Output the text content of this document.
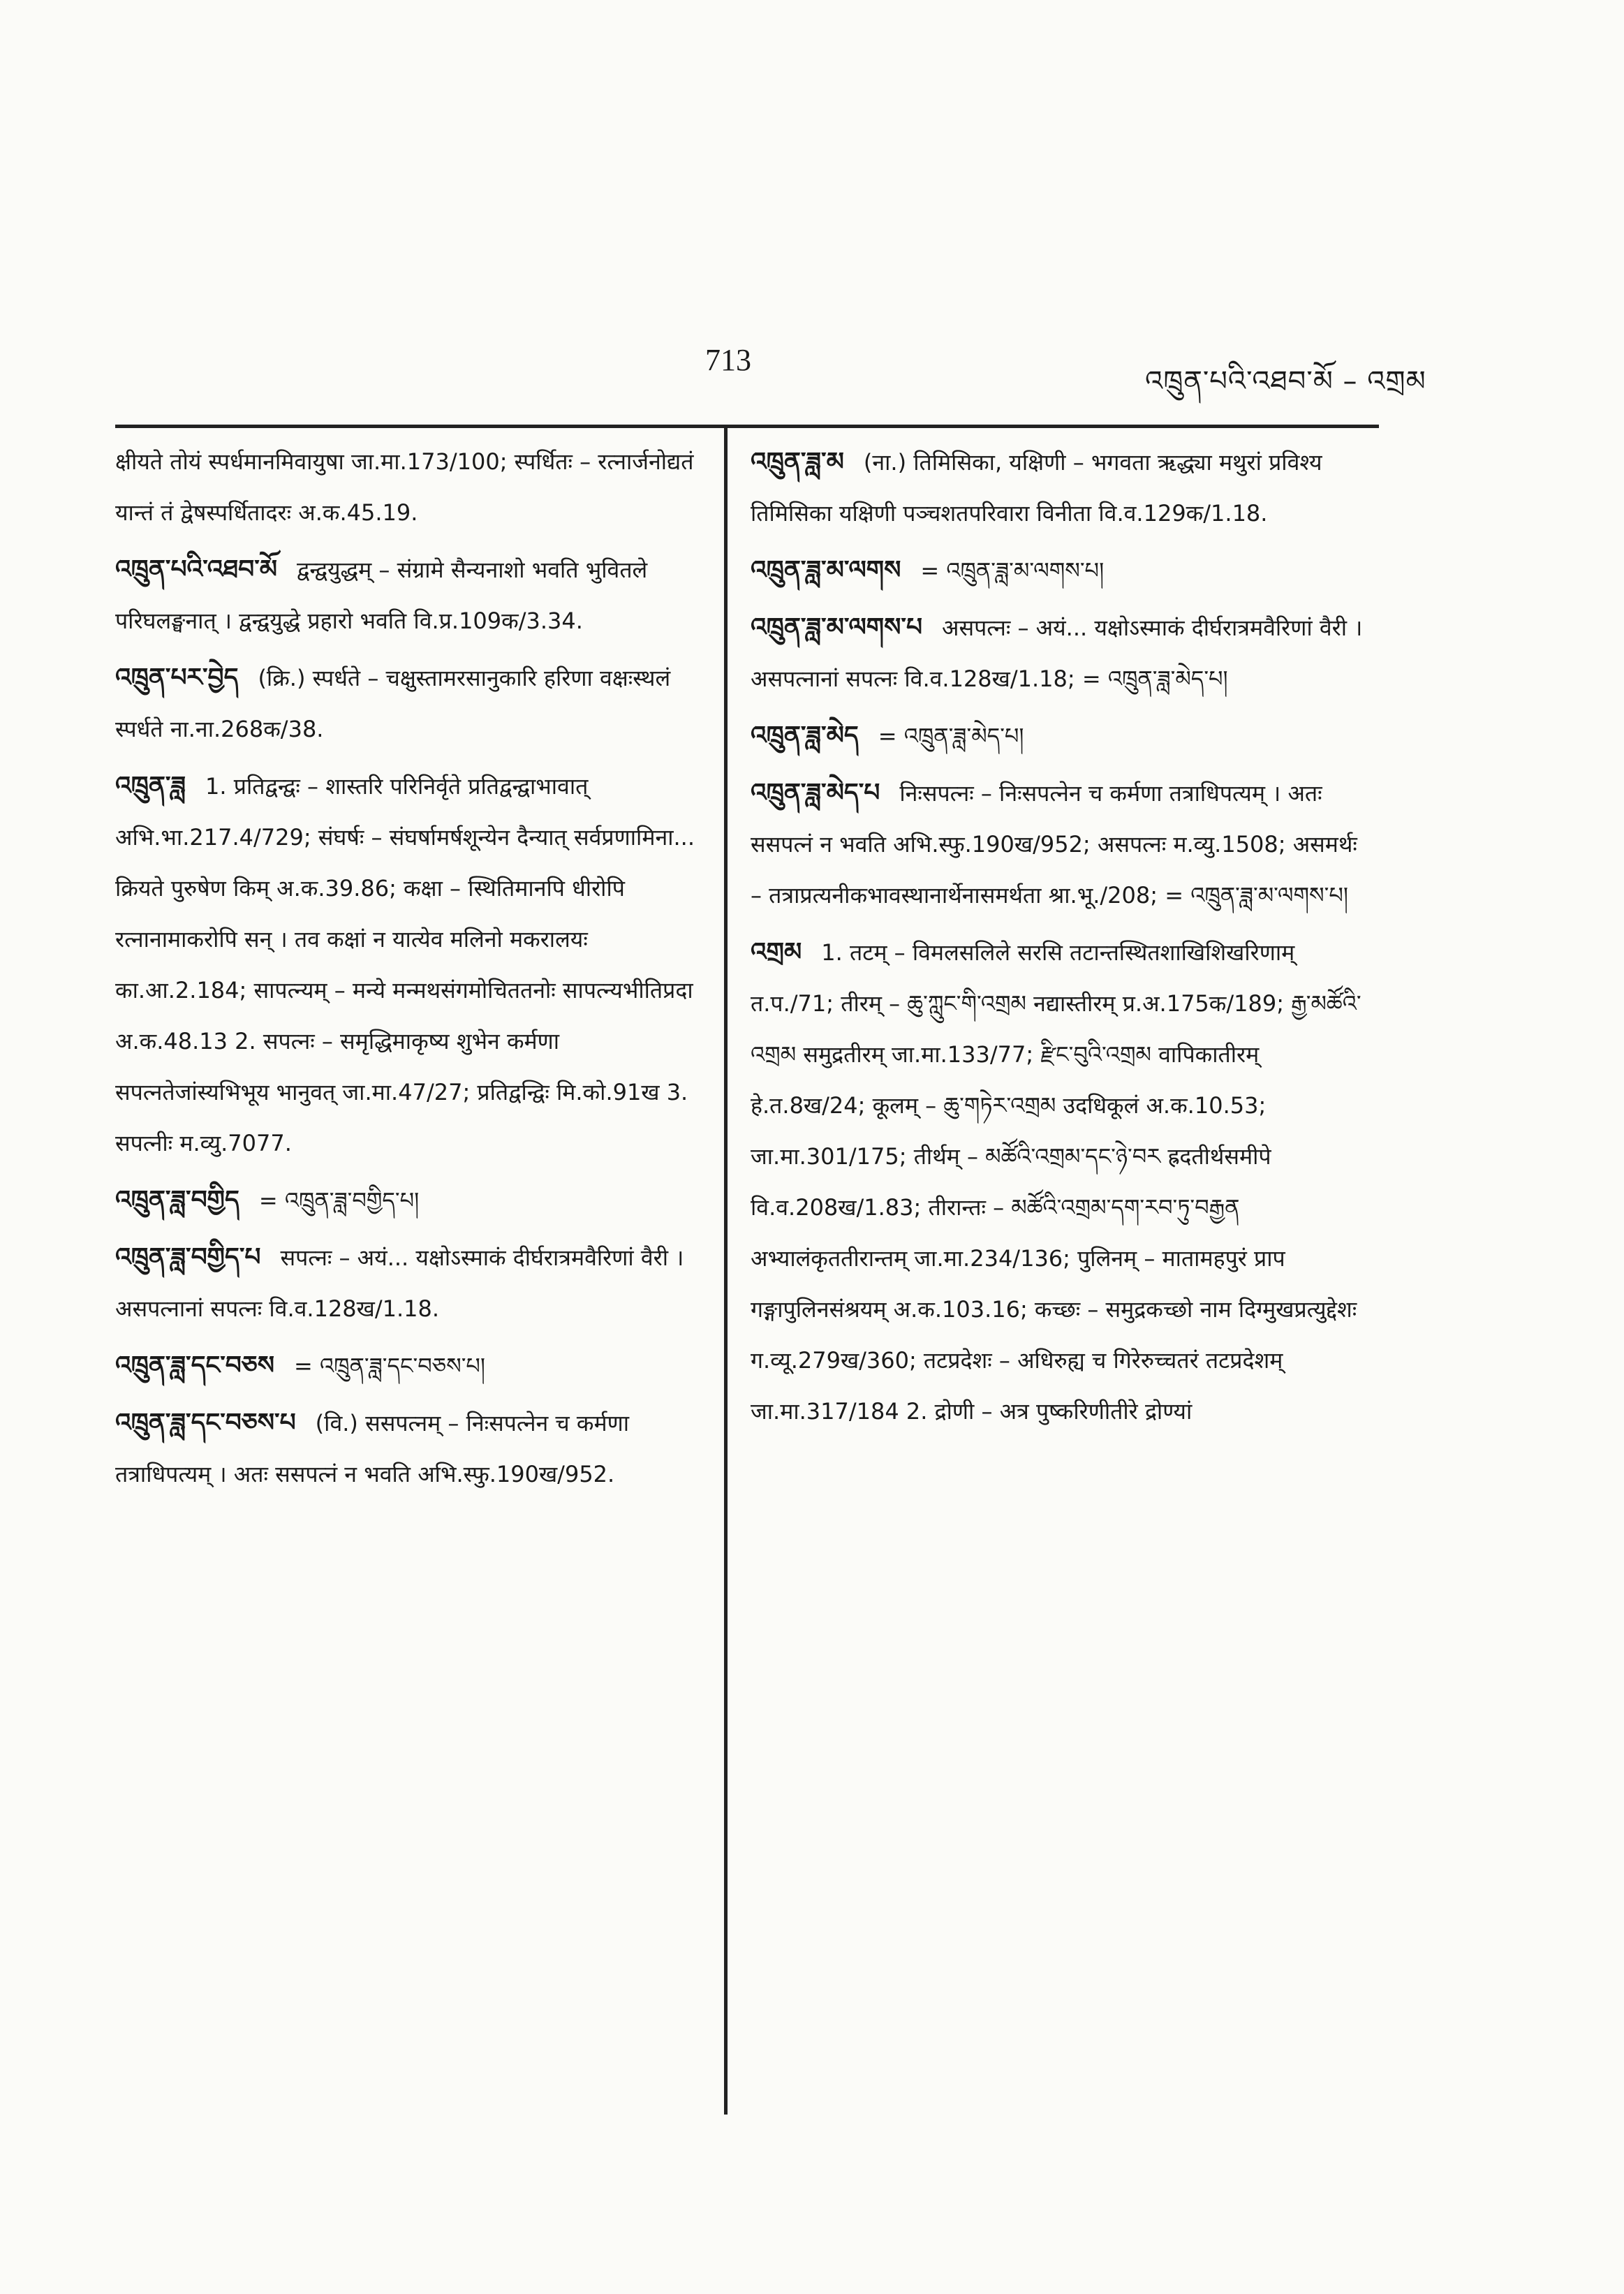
713
འཁྲུན་པའི་འཐབ་མོ – འགྲམ

क्षीयते तोयं स्पर्धमानमिवायुषा जा.मा.173/100; स्पर्धितः – रत्नार्जनोद्यतं यान्तं तं द्वेषस्पर्धितादरः अ.क.45.19.

འཁྲུན་པའི་འཐབ་མོ द्वन्द्वयुद्धम् – संग्रामे सैन्यनाशो भवति भुवितले परिघलङ्घनात् । द्वन्द्वयुद्धे प्रहारो भवति वि.प्र.109क/3.34.

འཁྲུན་པར་བྱེད (क्रि.) स्पर्धते – चक्षुस्तामरसानुकारि हरिणा वक्षःस्थलं स्पर्धते ना.ना.268क/38.

འཁྲུན་ཟླ 1. प्रतिद्वन्द्वः – शास्तरि परिनिर्वृते प्रतिद्वन्द्वाभावात् अभि.भा.217.4/729; संघर्षः – संघर्षामर्षशून्येन दैन्यात् सर्वप्रणामिना... क्रियते पुरुषेण किम् अ.क.39.86; कक्षा – स्थितिमानपि धीरोपि रत्नानामाकरोपि सन् । तव कक्षां न यात्येव मलिनो मकरालयः का.आ.2.184; सापत्न्यम् – मन्ये मन्मथसंगमोचिततनोः सापत्न्यभीतिप्रदा अ.क.48.13 2. सपत्नः – समृद्धिमाकृष्य शुभेन कर्मणा सपत्नतेजांस्यभिभूय भानुवत् जा.मा.47/27; प्रतिद्वन्द्विः मि.को.91ख 3. सपत्नीः म.व्यु.7077.

འཁྲུན་ཟླ་བགྱིད = འཁྲུན་ཟླ་བགྱིད་པ།

འཁྲུན་ཟླ་བགྱིད་པ सपत्नः – अयं... यक्षोऽस्माकं दीर्घरात्रमवैरिणां वैरी । असपत्नानां सपत्नः वि.व.128ख/1.18.

འཁྲུན་ཟླ་དང་བཅས = འཁྲུན་ཟླ་དང་བཅས་པ།

འཁྲུན་ཟླ་དང་བཅས་པ (वि.) ससपत्नम् – निःसपत्नेन च कर्मणा तत्राधिपत्यम् । अतः ससपत्नं न भवति अभि.स्फु.190ख/952.

འཁྲུན་ཟླ་མ (ना.) तिमिसिका, यक्षिणी – भगवता ऋद्ध्या मथुरां प्रविश्य तिमिसिका यक्षिणी पञ्चशतपरिवारा विनीता वि.व.129क/1.18.

འཁྲུན་ཟླ་མ་ལགས = འཁྲུན་ཟླ་མ་ལགས་པ།

འཁྲུན་ཟླ་མ་ལགས་པ असपत्नः – अयं... यक्षोऽस्माकं दीर्घरात्रमवैरिणां वैरी । असपत्नानां सपत्नः वि.व.128ख/1.18; = འཁྲུན་ཟླ་མེད་པ།

འཁྲུན་ཟླ་མེད = འཁྲུན་ཟླ་མེད་པ།

འཁྲུན་ཟླ་མེད་པ निःसपत्नः – निःसपत्नेन च कर्मणा तत्राधिपत्यम् । अतः ससपत्नं न भवति अभि.स्फु.190ख/952; असपत्नः म.व्यु.1508; असमर्थः – तत्राप्रत्यनीकभावस्थानार्थेनासमर्थता श्रा.भू./208; = འཁྲུན་ཟླ་མ་ལགས་པ།

འགྲམ 1. तटम् – विमलसलिले सरसि तटान्तस्थितशाखिशिखरिणाम् त.प./71; तीरम् – ཆུ་ཀླུང་གི་འགྲམ नद्यास्तीरम् प्र.अ.175क/189; རྒྱ་མཚོའི་འགྲམ समुद्रतीरम् जा.मा.133/77; རྫིང་བུའི་འགྲམ वापिकातीरम् हे.त.8ख/24; कूलम् – ཆུ་གཏེར་འགྲམ उदधिकूलं अ.क.10.53; जा.मा.301/175; तीर्थम् – མཚོའི་འགྲམ་དང་ཉེ་བར ह्रदतीर्थसमीपे वि.व.208ख/1.83; तीरान्तः – མཚོའི་འགྲམ་དག་རབ་ཏུ་བརྒྱན अभ्यालंकृततीरान्तम् जा.मा.234/136; पुलिनम् – मातामहपुरं प्राप गङ्गापुलिनसंश्रयम् अ.क.103.16; कच्छः – समुद्रकच्छो नाम दिग्मुखप्रत्युद्देशः ग.व्यू.279ख/360; तटप्रदेशः – अधिरुह्य च गिरेरुच्चतरं तटप्रदेशम् जा.मा.317/184 2. द्रोणी – अत्र पुष्करिणीतीरे द्रोण्यां
